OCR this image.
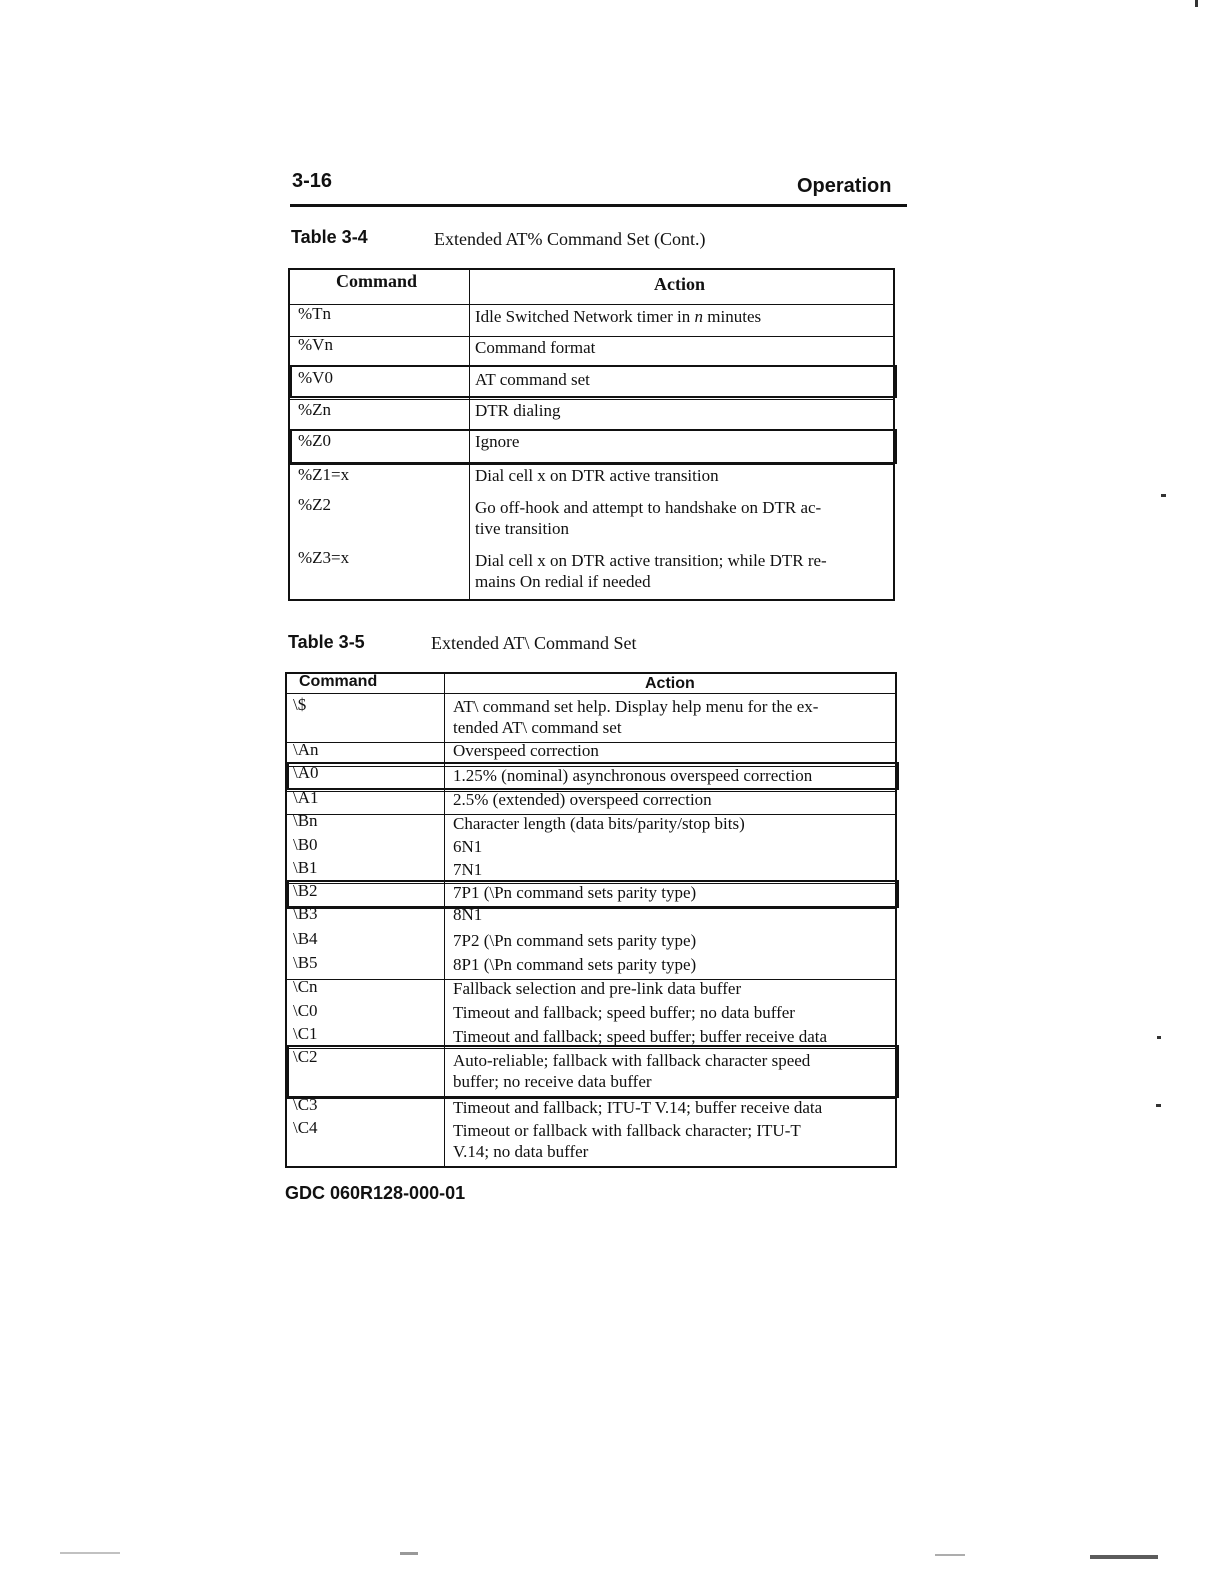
3-16	Operation
Table 3-4	Extended AT% Command Set (Cont.)
Command	Action
%Tn	Idle Switched Network timer in n minutes
%Vn	Command format
%V0	AT command set
%Zn	DTR dialing
%Z0	Ignore
%Z1=x	Dial cell x on DTR active transition
%Z2	Go off-hook and attempt to handshake on DTR ac-
tive transition
%Z3=x	Dial cell x on DTR active transition; while DTR re-
mains On redial if needed
Table 3-5	Extended AT\ Command Set
Command	Action
\$	AT\ command set help. Display help menu for the ex-
tended AT\ command set
\An	Overspeed correction
\A0	1.25% (nominal) asynchronous overspeed correction
\A1	2.5% (extended) overspeed correction
\Bn	Character length (data bits/parity/stop bits)
\B0	6N1
\B1	7N1
\B2	7P1 (\Pn command sets parity type)
\B3	8N1
\B4	7P2 (\Pn command sets parity type)
\B5	8P1 (\Pn command sets parity type)
\Cn	Fallback selection and pre-link data buffer
\C0	Timeout and fallback; speed buffer; no data buffer
\C1	Timeout and fallback; speed buffer; buffer receive data
\C2	Auto-reliable; fallback with fallback character speed
buffer; no receive data buffer
\C3	Timeout and fallback; ITU-T V.14; buffer receive data
\C4	Timeout or fallback with fallback character; ITU-T
V.14; no data buffer
GDC 060R128-000-01
